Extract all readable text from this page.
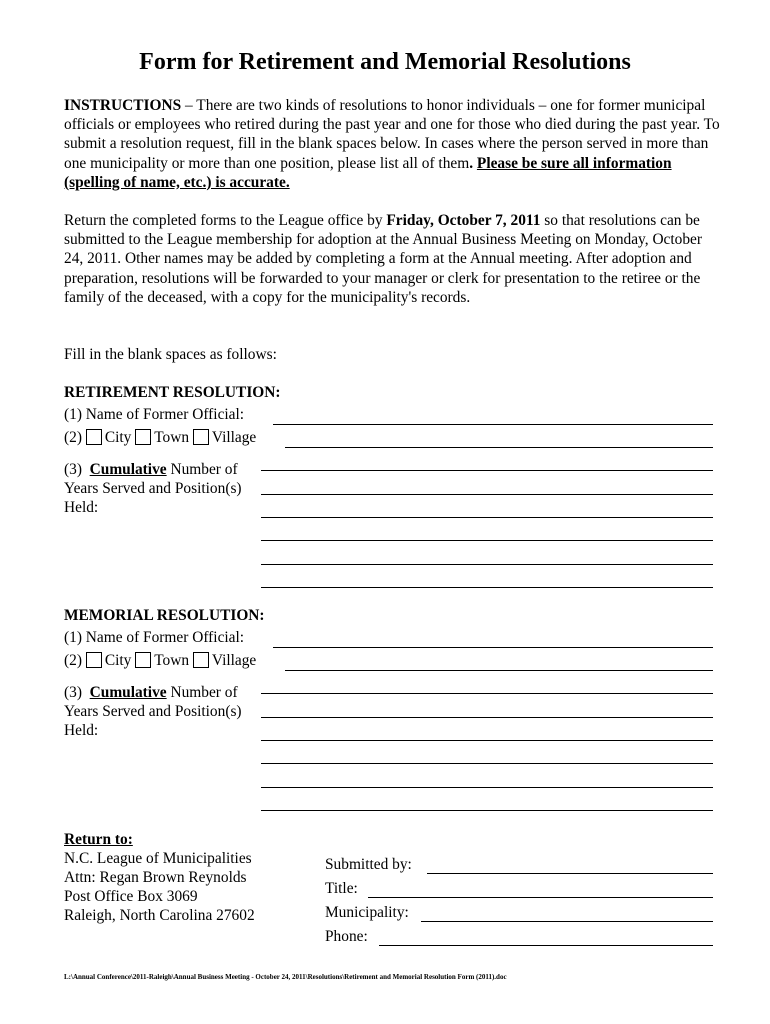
Form for Retirement and Memorial Resolutions
INSTRUCTIONS – There are two kinds of resolutions to honor individuals – one for former municipal officials or employees who retired during the past year and one for those who died during the past year. To submit a resolution request, fill in the blank spaces below. In cases where the person served in more than one municipality or more than one position, please list all of them. Please be sure all information (spelling of name, etc.) is accurate.
Return the completed forms to the League office by Friday, October 7, 2011 so that resolutions can be submitted to the League membership for adoption at the Annual Business Meeting on Monday, October 24, 2011. Other names may be added by completing a form at the Annual meeting. After adoption and preparation, resolutions will be forwarded to your manager or clerk for presentation to the retiree or the family of the deceased, with a copy for the municipality's records.
Fill in the blank spaces as follows:
RETIREMENT RESOLUTION:
(1) Name of Former Official:
(2) City Town Village
(3) Cumulative Number of
Years Served and Position(s)
Held:
MEMORIAL RESOLUTION:
(1) Name of Former Official:
(2) City Town Village
(3) Cumulative Number of
Years Served and Position(s)
Held:
Return to:
N.C. League of Municipalities
Attn: Regan Brown Reynolds
Post Office Box 3069
Raleigh, North Carolina 27602
Submitted by:
Title:
Municipality:
Phone:
L:\Annual Conference\2011-Raleigh\Annual Business Meeting - October 24, 2011\Resolutions\Retirement and Memorial Resolution Form (2011).doc
